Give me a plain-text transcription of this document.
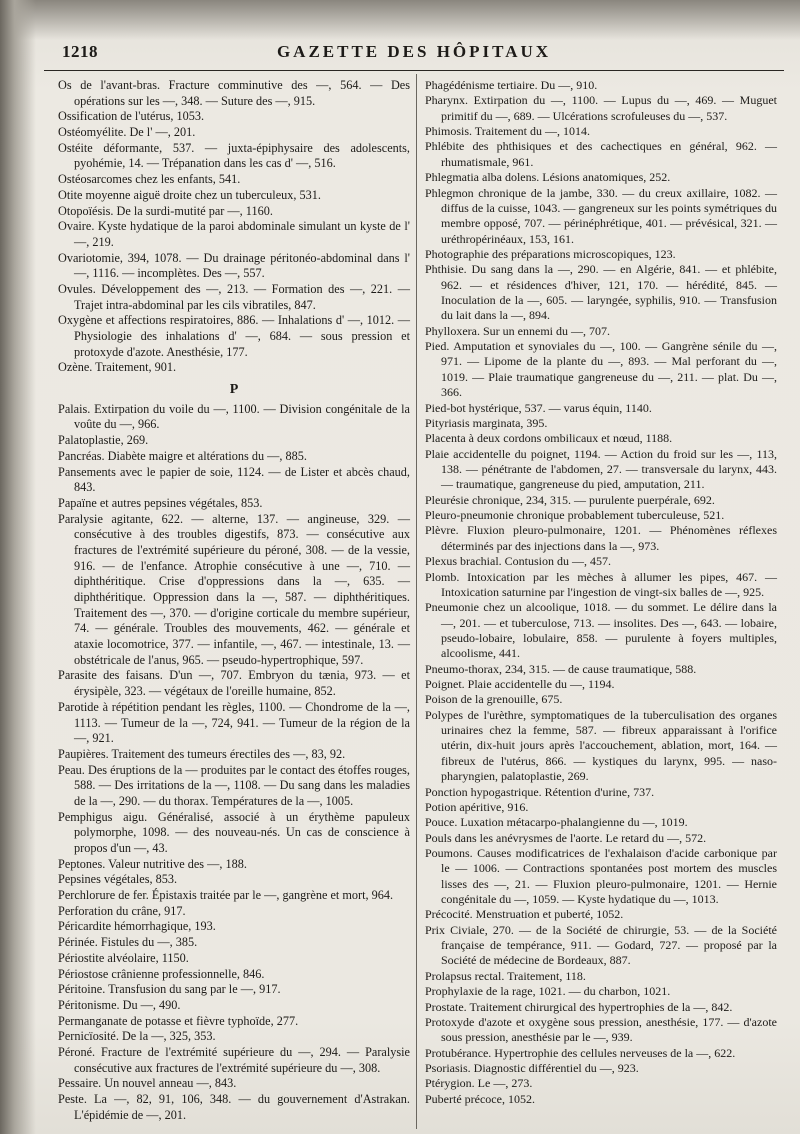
1218	GAZETTE DES HÔPITAUX

Os de l'avant-bras. Fracture comminutive des —, 564. — Des opérations sur les —, 348. — Suture des —, 915.

Ossification de l'utérus, 1053.

Ostéomyélite. De l' —, 201.

Ostéite déformante, 537. — juxta-épiphysaire des adolescents, pyohémie, 14. — Trépanation dans les cas d' —, 516.

Ostéosarcomes chez les enfants, 541.

Otite moyenne aiguë droite chez un tuberculeux, 531.

Otopoïésis. De la surdi-mutité par —, 1160.

Ovaire. Kyste hydatique de la paroi abdominale simulant un kyste de l' —, 219.

Ovariotomie, 394, 1078. — Du drainage péritonéo-abdominal dans l' —, 1116. — incomplètes. Des —, 557.

Ovules. Développement des —, 213. — Formation des —, 221. — Trajet intra-abdominal par les cils vibratiles, 847.

Oxygène et affections respiratoires, 886. — Inhalations d' —, 1012. — Physiologie des inhalations d' —, 684. — sous pression et protoxyde d'azote. Anesthésie, 177.

Ozène. Traitement, 901.

P

Palais. Extirpation du voile du —, 1100. — Division congénitale de la voûte du —, 966.

Palatoplastie, 269.

Pancréas. Diabète maigre et altérations du —, 885.

Pansements avec le papier de soie, 1124. — de Lister et abcès chaud, 843.

Papaïne et autres pepsines végétales, 853.

Paralysie agitante, 622. — alterne, 137. — angineuse, 329. — consécutive à des troubles digestifs, 873. — consécutive aux fractures de l'extrémité supérieure du péroné, 308. — de la vessie, 916. — de l'enfance. Atrophie consécutive à une —, 710. — diphthéritique. Crise d'oppressions dans la —, 635. — diphthéritique. Oppression dans la —, 587. — diphthéritiques. Traitement des —, 370. — d'origine corticale du membre supérieur, 74. — générale. Troubles des mouvements, 462. — générale et ataxie locomotrice, 377. — infantile, —, 467. — intestinale, 13. — obstétricale de l'anus, 965. — pseudo-hypertrophique, 597.

Parasite des faisans. D'un —, 707. Embryon du tænia, 973. — et érysipèle, 323. — végétaux de l'oreille humaine, 852.

Parotide à répétition pendant les règles, 1100. — Chondrome de la —, 1113. — Tumeur de la —, 724, 941. — Tumeur de la région de la —, 921.

Paupières. Traitement des tumeurs érectiles des —, 83, 92.

Peau. Des éruptions de la — produites par le contact des étoffes rouges, 588. — Des irritations de la —, 1108. — Du sang dans les maladies de la —, 290. — du thorax. Températures de la —, 1005.

Pemphigus aigu. Généralisé, associé à un érythème papuleux polymorphe, 1098. — des nouveau-nés. Un cas de conscience à propos d'un —, 43.

Peptones. Valeur nutritive des —, 188.

Pepsines végétales, 853.

Perchlorure de fer. Épistaxis traitée par le —, gangrène et mort, 964.

Perforation du crâne, 917.

Péricardite hémorrhagique, 193.

Périnée. Fistules du —, 385.

Périostite alvéolaire, 1150.

Périostose crânienne professionnelle, 846.

Péritoine. Transfusion du sang par le —, 917.

Péritonisme. Du —, 490.

Permanganate de potasse et fièvre typhoïde, 277.

Pernicïosité. De la —, 325, 353.

Péroné. Fracture de l'extrémité supérieure du —, 294. — Paralysie consécutive aux fractures de l'extrémité supérieure du —, 308.

Pessaire. Un nouvel anneau —, 843.

Peste. La —, 82, 91, 106, 348. — du gouvernement d'Astrakan. L'épidémie de —, 201.

Phagédénisme tertiaire. Du —, 910.

Pharynx. Extirpation du —, 1100. — Lupus du —, 469. — Muguet primitif du —, 689. — Ulcérations scrofuleuses du —, 537.

Phimosis. Traitement du —, 1014.

Phlébite des phthisiques et des cachectiques en général, 962. — rhumatismale, 961.

Phlegmatia alba dolens. Lésions anatomiques, 252.

Phlegmon chronique de la jambe, 330. — du creux axillaire, 1082. — diffus de la cuisse, 1043. — gangreneux sur les points symétriques du membre opposé, 707. — périnéphrétique, 401. — prévésical, 321. — uréthropérinéaux, 153, 161.

Photographie des préparations microscopiques, 123.

Phthisie. Du sang dans la —, 290. — en Algérie, 841. — et phlébite, 962. — et résidences d'hiver, 121, 170. — hérédité, 845. — Inoculation de la —, 605. — laryngée, syphilis, 910. — Transfusion du lait dans la —, 894.

Phylloxera. Sur un ennemi du —, 707.

Pied. Amputation et synoviales du —, 100. — Gangrène sénile du —, 971. — Lipome de la plante du —, 893. — Mal perforant du —, 1019. — Plaie traumatique gangreneuse du —, 211. — plat. Du —, 366.

Pied-bot hystérique, 537. — varus équin, 1140.

Pityriasis marginata, 395.

Placenta à deux cordons ombilicaux et nœud, 1188.

Plaie accidentelle du poignet, 1194. — Action du froid sur les —, 113, 138. — pénétrante de l'abdomen, 27. — transversale du larynx, 443. — traumatique, gangreneuse du pied, amputation, 211.

Pleurésie chronique, 234, 315. — purulente puerpérale, 692.

Pleuro-pneumonie chronique probablement tuberculeuse, 521.

Plèvre. Fluxion pleuro-pulmonaire, 1201. — Phénomènes réflexes déterminés par des injections dans la —, 973.

Plexus brachial. Contusion du —, 457.

Plomb. Intoxication par les mèches à allumer les pipes, 467. — Intoxication saturnine par l'ingestion de vingt-six balles de —, 925.

Pneumonie chez un alcoolique, 1018. — du sommet. Le délire dans la —, 201. — et tuberculose, 713. — insolites. Des —, 643. — lobaire, pseudo-lobaire, lobulaire, 858. — purulente à foyers multiples, alcoolisme, 441.

Pneumo-thorax, 234, 315. — de cause traumatique, 588.

Poignet. Plaie accidentelle du —, 1194.

Poison de la grenouille, 675.

Polypes de l'urèthre, symptomatiques de la tuberculisation des organes urinaires chez la femme, 587. — fibreux apparaissant à l'orifice utérin, dix-huit jours après l'accouchement, ablation, mort, 164. — fibreux de l'utérus, 866. — kystiques du larynx, 995. — naso-pharyngien, palatoplastie, 269.

Ponction hypogastrique. Rétention d'urine, 737.

Potion apéritive, 916.

Pouce. Luxation métacarpo-phalangienne du —, 1019.

Pouls dans les anévrysmes de l'aorte. Le retard du —, 572.

Poumons. Causes modificatrices de l'exhalaison d'acide carbonique par le — 1006. — Contractions spontanées post mortem des muscles lisses des —, 21. — Fluxion pleuro-pulmonaire, 1201. — Hernie congénitale du —, 1059. — Kyste hydatique du —, 1013.

Précocité. Menstruation et puberté, 1052.

Prix Civiale, 270. — de la Société de chirurgie, 53. — de la Société française de tempérance, 911. — Godard, 727. — proposé par la Société de médecine de Bordeaux, 887.

Prolapsus rectal. Traitement, 118.

Prophylaxie de la rage, 1021. — du charbon, 1021.

Prostate. Traitement chirurgical des hypertrophies de la —, 842.

Protoxyde d'azote et oxygène sous pression, anesthésie, 177. — d'azote sous pression, anesthésie par le —, 939.

Protubérance. Hypertrophie des cellules nerveuses de la —, 622.

Psoriasis. Diagnostic différentiel du —, 923.

Ptérygion. Le —, 273.

Puberté précoce, 1052.
